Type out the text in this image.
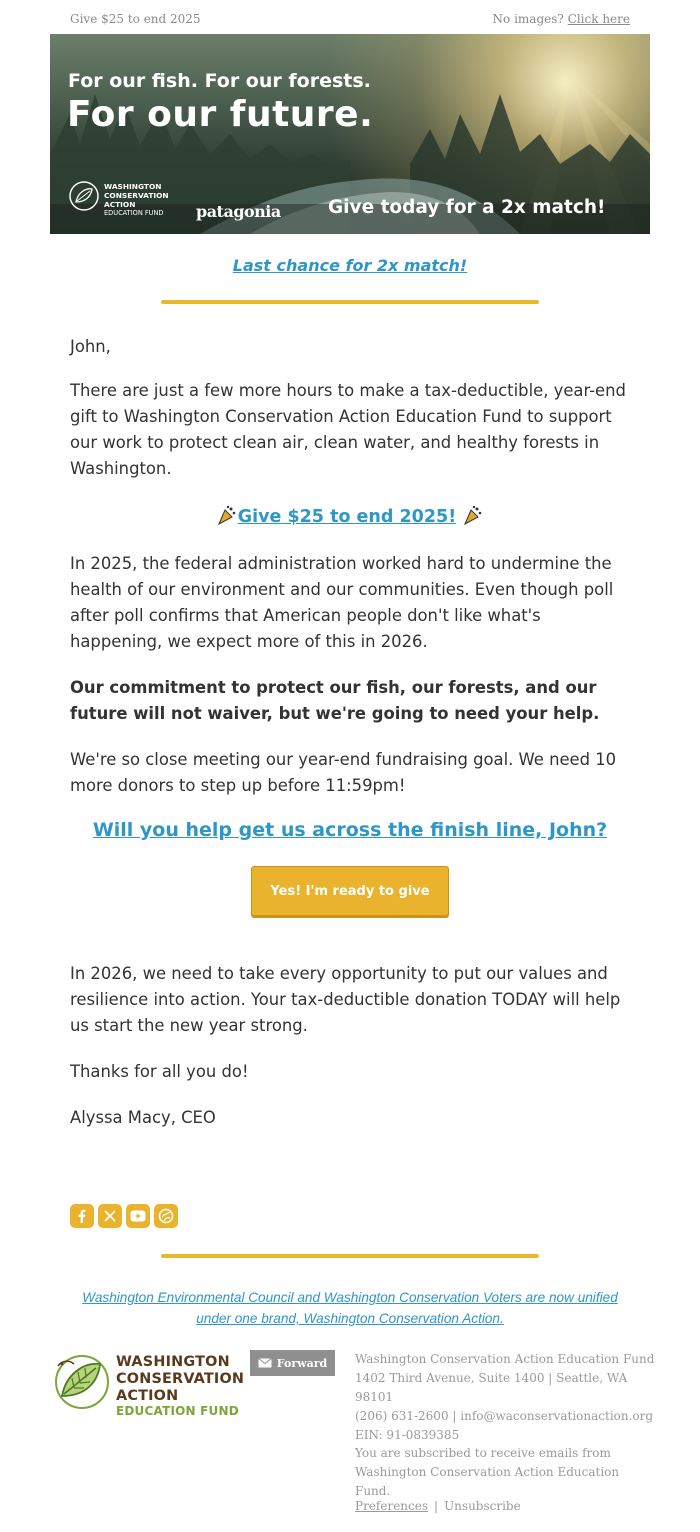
Give $25 to end 2025	No images? Click here
For our fish. For our forests.
For our future.
WASHINGTON
CONSERVATION
ACTION
EDUCATION FUND	patagonia	Give today for a 2x match!
Last chance for 2x match!
John,
There are just a few more hours to make a tax-deductible, year-end gift to Washington Conservation Action Education Fund to support our work to protect clean air, clean water, and healthy forests in Washington.
Give $25 to end 2025!
In 2025, the federal administration worked hard to undermine the health of our environment and our communities. Even though poll after poll confirms that American people don't like what's happening, we expect more of this in 2026.
Our commitment to protect our fish, our forests, and our future will not waiver, but we're going to need your help.
We're so close meeting our year-end fundraising goal. We need 10 more donors to step up before 11:59pm!
Will you help get us across the finish line, John?
Yes! I'm ready to give
In 2026, we need to take every opportunity to put our values and resilience into action. Your tax-deductible donation TODAY will help us start the new year strong.
Thanks for all you do!
Alyssa Macy, CEO
Washington Environmental Council and Washington Conservation Voters are now unified
under one brand, Washington Conservation Action.
WASHINGTON
CONSERVATION
ACTION
EDUCATION FUND
Forward Washington Conservation Action Education Fund
1402 Third Avenue, Suite 1400 | Seattle, WA 98101
(206) 631-2600 | info@waconservationaction.org
EIN: 91-0839385
You are subscribed to receive emails from
Washington Conservation Action Education Fund.
Preferences | Unsubscribe
